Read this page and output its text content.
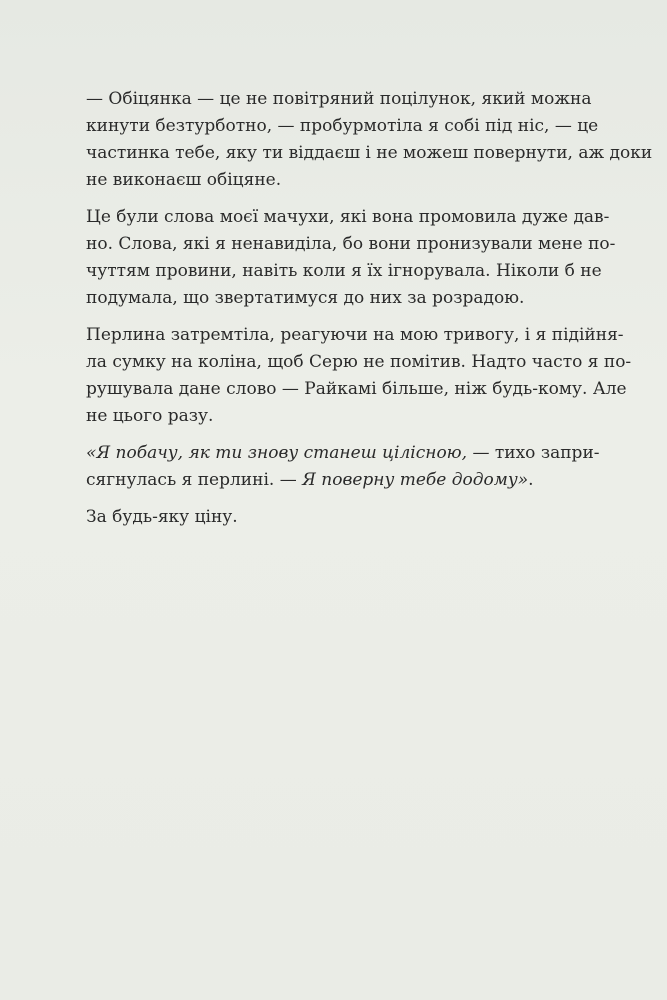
— Обіцянка — це не повітряний поцілунок, який можна
кинути безтурботно, — пробурмотіла я собі під ніс, — це
частинка тебе, яку ти віддаєш і не можеш повернути, аж доки
не виконаєш обіцяне.

Це були слова моєї мачухи, які вона промовила дуже дав-
но. Слова, які я ненавиділа, бо вони пронизували мене по-
чуттям провини, навіть коли я їх ігнорувала. Ніколи б не
подумала, що звертатимуся до них за розрадою.

Перлина затремтіла, реагуючи на мою тривогу, і я підійня-
ла сумку на коліна, щоб Серю не помітив. Надто часто я по-
рушувала дане слово — Райкамі більше, ніж будь-кому. Але
не цього разу.

«Я побачу, як ти знову станеш цілісною, — тихо запри-
сягнулась я перлині. — Я поверну тебе додому».

За будь-яку ціну.
